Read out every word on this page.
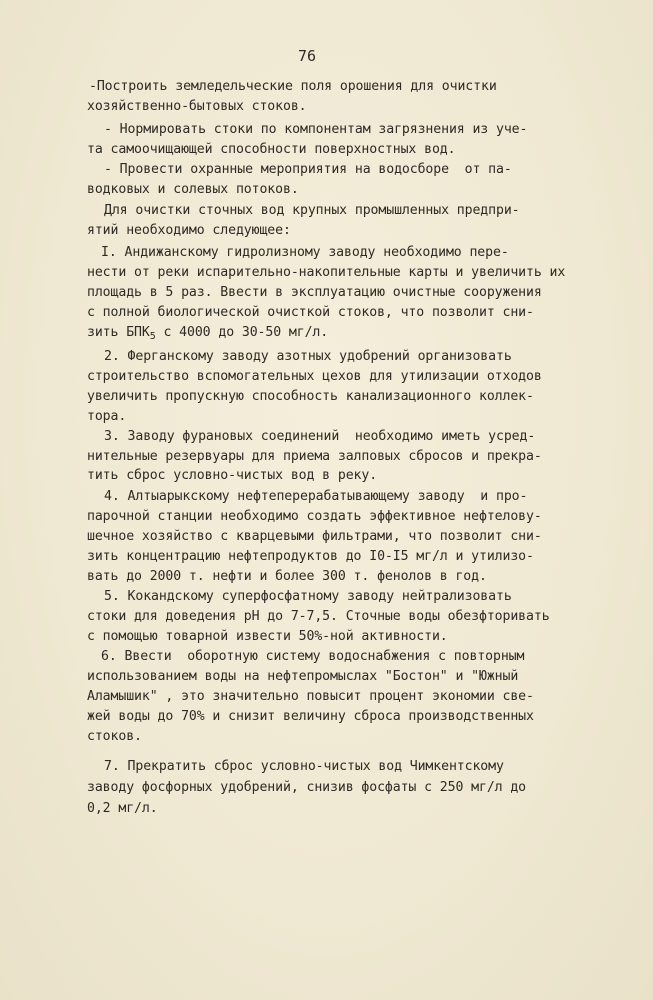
76
-Построить земледельческие поля орошения для очистки
хозяйственно-бытовых стоков.
- Нормировать стоки по компонентам загрязнения из уче-
та самоочищающей способности поверхностных вод.
- Провести охранные мероприятия на водосборе  от па-
водковых и солевых потоков.
Для очистки сточных вод крупных промышленных предпри-
ятий необходимо следующее:
I. Андижанскому гидролизному заводу необходимо пере-
нести от реки испарительно-накопительные карты и увеличить их
площадь в 5 раз. Ввести в эксплуатацию очистные сооружения
с полной биологической очисткой стоков, что позволит сни-
зить $БПК_5$ с 4000 до 30-50 мг/л.
2. Ферганскому заводу азотных удобрений организовать
строительство вспомогательных цехов для утилизации отходов
увеличить пропускную способность канализационного коллек-
тора.
3. Заводу фурановых соединений  необходимо иметь усред-
нительные резервуары для приема залповых сбросов и прекра-
тить сброс условно-чистых вод в реку.
4. Алтыарыкскому нефтеперерабатывающему заводу  и про-
парочной станции необходимо создать эффективное нефтелову-
шечное хозяйство с кварцевыми фильтрами, что позволит сни-
зить концентрацию нефтепродуктов до I0-I5 мг/л и утилизо-
вать до 2000 т. нефти и более 300 т. фенолов в год.
5. Кокандскому суперфосфатному заводу нейтрализовать
стоки для доведения рН до 7-7,5. Сточные воды обезфторивать
с помощью товарной извести 50%-ной активности.
6. Ввести  оборотную систему водоснабжения с повторным
использованием воды на нефтепромыслах "Бостон" и "Южный
Аламышик" , это значительно повысит процент экономии све-
жей воды до 70% и снизит величину сброса производственных
стоков.
7. Прекратить сброс условно-чистых вод Чимкентскому
заводу фосфорных удобрений, снизив фосфаты с 250 мг/л до
0,2 мг/л.
